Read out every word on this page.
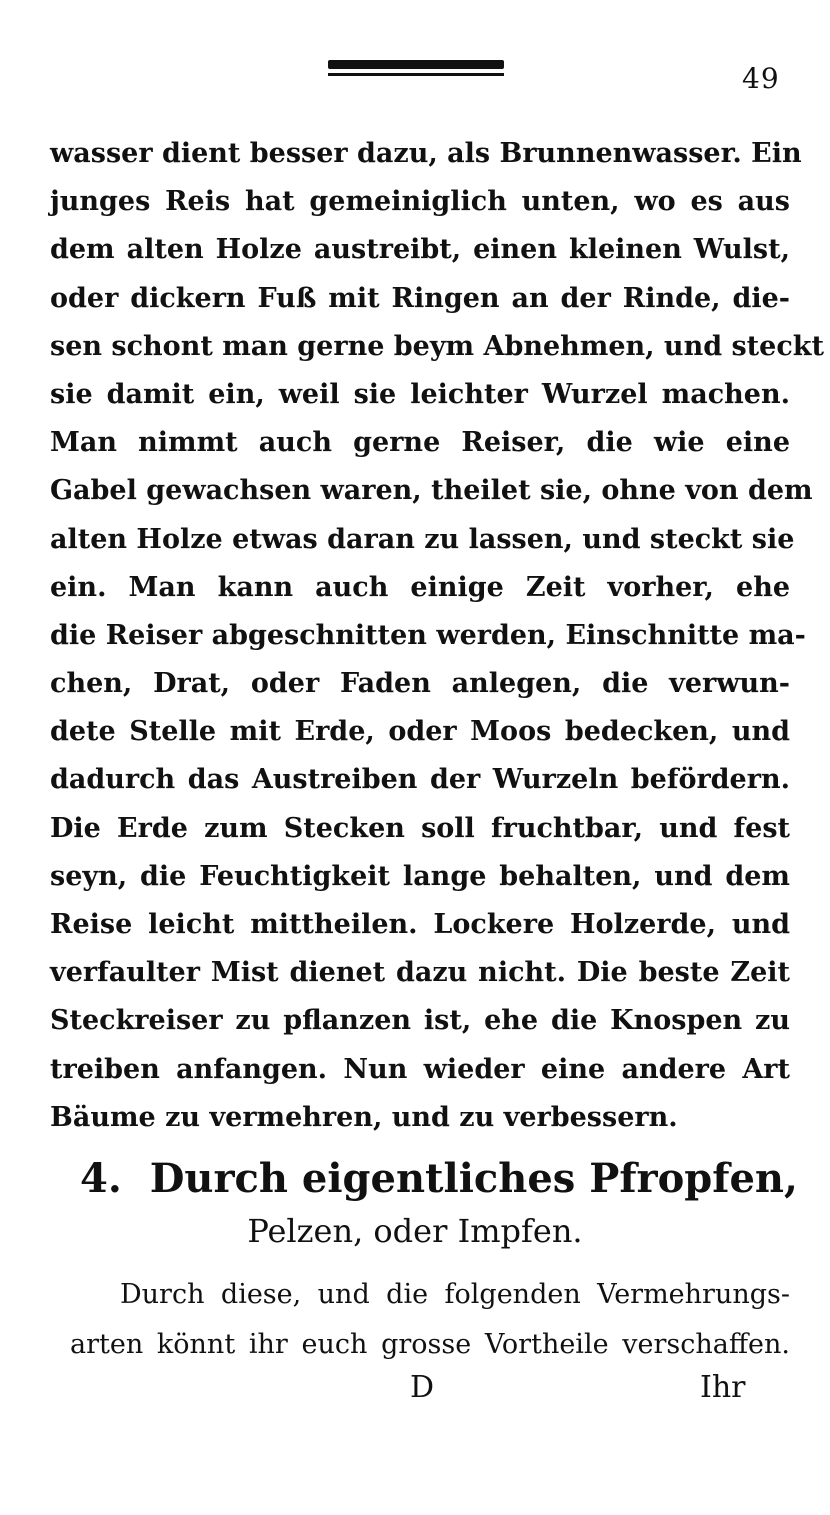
49
wasser dient besser dazu, als Brunnenwasser. Ein
junges Reis hat gemeiniglich unten, wo es aus
dem alten Holze austreibt, einen kleinen Wulst,
oder dickern Fuß mit Ringen an der Rinde, die-
sen schont man gerne beym Abnehmen, und steckt
sie damit ein, weil sie leichter Wurzel machen.
Man nimmt auch gerne Reiser, die wie eine
Gabel gewachsen waren, theilet sie, ohne von dem
alten Holze etwas daran zu lassen, und steckt sie
ein. Man kann auch einige Zeit vorher, ehe
die Reiser abgeschnitten werden, Einschnitte ma-
chen, Drat, oder Faden anlegen, die verwun-
dete Stelle mit Erde, oder Moos bedecken, und
dadurch das Austreiben der Wurzeln befördern.
Die Erde zum Stecken soll fruchtbar, und fest
seyn, die Feuchtigkeit lange behalten, und dem
Reise leicht mittheilen. Lockere Holzerde, und
verfaulter Mist dienet dazu nicht. Die beste Zeit
Steckreiser zu pflanzen ist, ehe die Knospen zu
treiben anfangen. Nun wieder eine andere Art
Bäume zu vermehren, und zu verbessern.
4. Durch eigentliches Pfropfen,
Pelzen, oder Impfen.
Durch diese, und die folgenden Vermehrungs-
arten könnt ihr euch grosse Vortheile verschaffen.
D	Ihr
